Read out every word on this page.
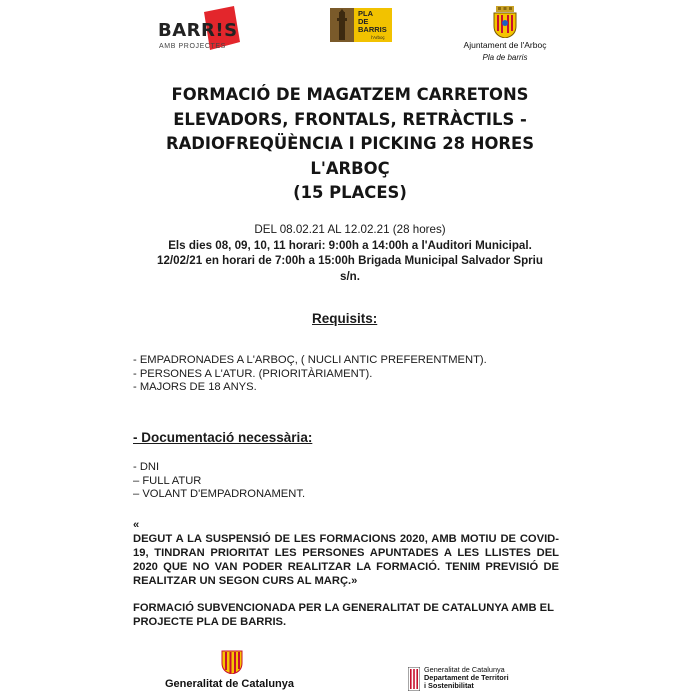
BARR!S
AMB PROJECTES
PLA
DE
BARRIS
l'Arboç
Ajuntament de l'Arboç
Pla de barris
FORMACIÓ DE MAGATZEM CARRETONS
ELEVADORS, FRONTALS, RETRÀCTILS -
RADIOFREQÜÈNCIA I PICKING 28 HORES
L'ARBOÇ
(15 PLACES)
DEL 08.02.21 AL 12.02.21 (28 hores)
Els dies 08, 09, 10, 11 horari: 9:00h a 14:00h a l'Auditori Municipal.
12/02/21 en horari de 7:00h a 15:00h Brigada Municipal Salvador Spriu
s/n.
Requisits:
- EMPADRONADES A L'ARBOÇ, ( NUCLI ANTIC PREFERENTMENT).
- PERSONES A L'ATUR. (PRIORITÀRIAMENT).
- MAJORS DE 18 ANYS.
- Documentació necessària:
- DNI
– FULL ATUR
– VOLANT D'EMPADRONAMENT.
«
DEGUT A LA SUSPENSIÓ DE LES FORMACIONS 2020, AMB MOTIU DE COVID-19, TINDRAN PRIORITAT LES PERSONES APUNTADES A LES LLISTES DEL 2020 QUE NO VAN PODER REALITZAR LA FORMACIÓ. TENIM PREVISIÓ DE REALITZAR UN SEGON CURS AL MARÇ.»
FORMACIÓ SUBVENCIONADA PER LA GENERALITAT DE CATALUNYA AMB EL PROJECTE PLA DE BARRIS.
Generalitat de Catalunya
Generalitat de Catalunya
Departament de Territori
i Sostenibilitat
